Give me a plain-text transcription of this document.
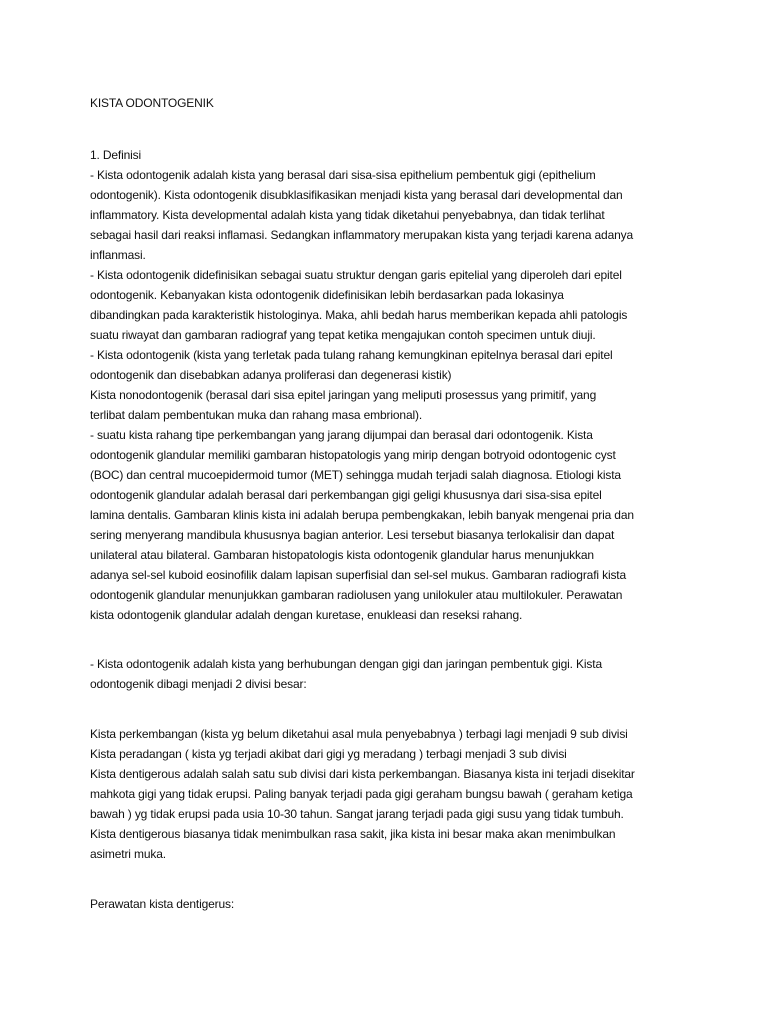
KISTA ODONTOGENIK
1. Definisi
- Kista odontogenik adalah kista yang berasal dari sisa-sisa epithelium pembentuk gigi (epithelium
odontogenik). Kista odontogenik disubklasifikasikan menjadi kista yang berasal dari developmental dan
inflammatory. Kista developmental adalah kista yang tidak diketahui penyebabnya, dan tidak terlihat
sebagai hasil dari reaksi inflamasi. Sedangkan inflammatory merupakan kista yang terjadi karena adanya
inflanmasi.
- Kista odontogenik didefinisikan sebagai suatu struktur dengan garis epitelial yang diperoleh dari epitel
odontogenik. Kebanyakan kista odontogenik didefinisikan lebih berdasarkan pada lokasinya
dibandingkan pada karakteristik histologinya. Maka, ahli bedah harus memberikan kepada ahli patologis
suatu riwayat dan gambaran radiograf yang tepat ketika mengajukan contoh specimen untuk diuji.
- Kista odontogenik (kista yang terletak pada tulang rahang kemungkinan epitelnya berasal dari epitel
odontogenik dan disebabkan adanya proliferasi dan degenerasi kistik)
Kista nonodontogenik (berasal dari sisa epitel jaringan yang meliputi prosessus yang primitif, yang
terlibat dalam pembentukan muka dan rahang masa embrional).
- suatu kista rahang tipe perkembangan yang jarang dijumpai dan berasal dari odontogenik. Kista
odontogenik glandular memiliki gambaran histopatologis yang mirip dengan botryoid odontogenic cyst
(BOC) dan central mucoepidermoid tumor (MET) sehingga mudah terjadi salah diagnosa. Etiologi kista
odontogenik glandular adalah berasal dari perkembangan gigi geligi khususnya dari sisa-sisa epitel
lamina dentalis. Gambaran klinis kista ini adalah berupa pembengkakan, lebih banyak mengenai pria dan
sering menyerang mandibula khususnya bagian anterior. Lesi tersebut biasanya terlokalisir dan dapat
unilateral atau bilateral. Gambaran histopatologis kista odontogenik glandular harus menunjukkan
adanya sel-sel kuboid eosinofilik dalam lapisan superfisial dan sel-sel mukus. Gambaran radiografi kista
odontogenik glandular menunjukkan gambaran radiolusen yang unilokuler atau multilokuler. Perawatan
kista odontogenik glandular adalah dengan kuretase, enukleasi dan reseksi rahang.
- Kista odontogenik adalah kista yang berhubungan dengan gigi dan jaringan pembentuk gigi. Kista
odontogenik dibagi menjadi 2 divisi besar:
Kista perkembangan (kista yg belum diketahui asal mula penyebabnya ) terbagi lagi menjadi 9 sub divisi
Kista peradangan ( kista yg terjadi akibat dari gigi yg meradang ) terbagi menjadi 3 sub divisi
Kista dentigerous adalah salah satu sub divisi dari kista perkembangan. Biasanya kista ini terjadi disekitar
mahkota gigi yang tidak erupsi. Paling banyak terjadi pada gigi geraham bungsu bawah ( geraham ketiga
bawah ) yg tidak erupsi pada usia 10-30 tahun. Sangat jarang terjadi pada gigi susu yang tidak tumbuh.
Kista dentigerous biasanya tidak menimbulkan rasa sakit, jika kista ini besar maka akan menimbulkan
asimetri muka.
Perawatan kista dentigerus:
